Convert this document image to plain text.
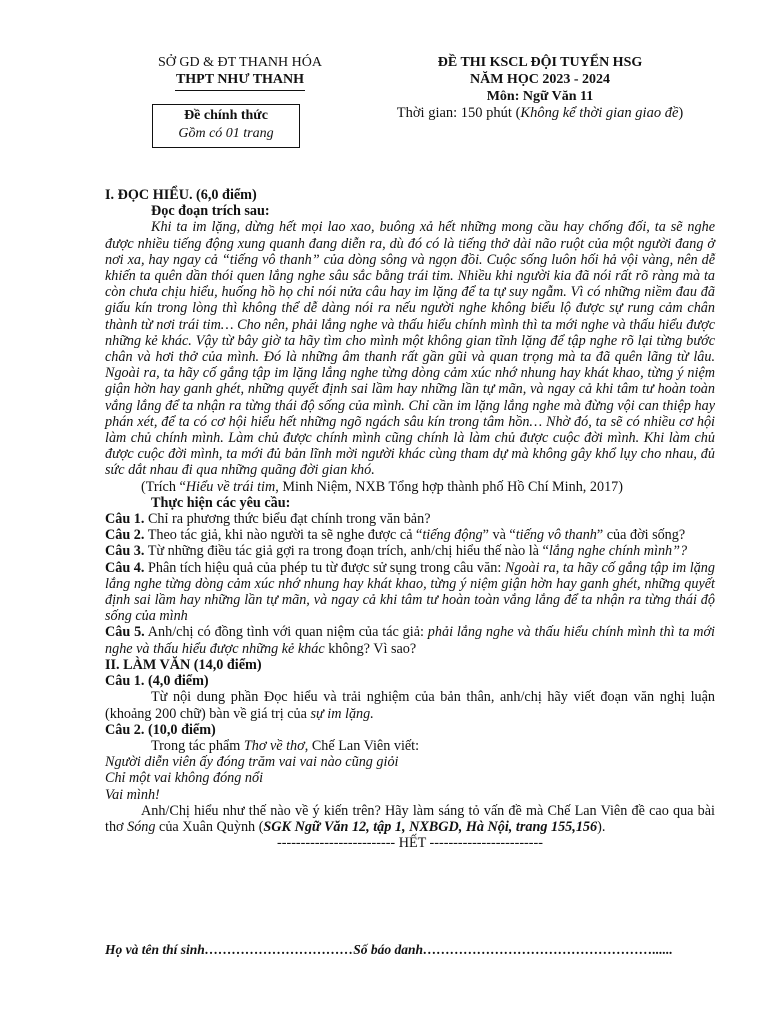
SỞ GD & ĐT THANH HÓA
THPT NHƯ THANH
Đề chính thức
Gồm có 01 trang
ĐỀ THI KSCL ĐỘI TUYỂN HSG
NĂM HỌC 2023 - 2024
Môn: Ngữ Văn 11
Thời gian: 150 phút (Không kể thời gian giao đề)

I. ĐỌC HIỂU. (6,0 điểm)

Đọc đoạn trích sau:

Khi ta im lặng, dừng hết mọi lao xao, buông xả hết những mong cầu hay chống đối, ta sẽ nghe được nhiều tiếng động xung quanh đang diễn ra, dù đó có là tiếng thở dài não ruột của một người đang ở nơi xa, hay ngay cả “tiếng vô thanh” của dòng sông và ngọn đồi. Cuộc sống luôn hối hả vội vàng, nên dễ khiến ta quên dần thói quen lắng nghe sâu sắc bằng trái tim. Nhiều khi người kia đã nói rất rõ ràng mà ta còn chưa chịu hiểu, huống hồ họ chỉ nói nửa câu hay im lặng để ta tự suy ngẫm. Vì có những niềm đau đã giấu kín trong lòng thì không thể dễ dàng nói ra nếu người nghe không biểu lộ được sự rung cảm chân thành từ nơi trái tim… Cho nên, phải lắng nghe và thấu hiểu chính mình thì ta mới nghe và thấu hiểu được những kẻ khác. Vậy từ bây giờ ta hãy tìm cho mình một không gian tĩnh lặng để tập nghe rõ lại từng bước chân và hơi thở của mình. Đó là những âm thanh rất gần gũi và quan trọng mà ta đã quên lãng từ lâu. Ngoài ra, ta hãy cố gắng tập im lặng lắng nghe từng dòng cảm xúc nhớ nhung hay khát khao, từng ý niệm giận hờn hay ganh ghét, những quyết định sai lầm hay những lần tự mãn, và ngay cả khi tâm tư hoàn toàn vắng lắng để ta nhận ra từng thái độ sống của mình. Chỉ cần im lặng lắng nghe mà đừng vội can thiệp hay phán xét, để ta có cơ hội hiểu hết những ngõ ngách sâu kín trong tâm hồn… Nhờ đó, ta sẽ có nhiều cơ hội làm chủ chính mình. Làm chủ được chính mình cũng chính là làm chủ được cuộc đời mình. Khi làm chủ được cuộc đời mình, ta mới đủ bản lĩnh mời người khác cùng tham dự mà không gây khổ lụy cho nhau, đủ sức dắt nhau đi qua những quãng đời gian khó.

(Trích “Hiểu về trái tim, Minh Niệm, NXB Tổng hợp thành phố Hồ Chí Minh, 2017)

Thực hiện các yêu cầu:

Câu 1. Chỉ ra phương thức biểu đạt chính trong văn bản?

Câu 2. Theo tác giả, khi nào người ta sẽ nghe được cả “tiếng động” và “tiếng vô thanh” của đời sống?

Câu 3. Từ những điều tác giả gợi ra trong đoạn trích, anh/chị hiểu thế nào là “lắng nghe chính mình”?

Câu 4. Phân tích hiệu quả của phép tu từ được sử sụng trong câu văn: Ngoài ra, ta hãy cố gắng tập im lặng lắng nghe từng dòng cảm xúc nhớ nhung hay khát khao, từng ý niệm giận hờn hay ganh ghét, những quyết định sai lầm hay những lần tự mãn, và ngay cả khi tâm tư hoàn toàn vắng lắng để ta nhận ra từng thái độ sống của mình

Câu 5. Anh/chị có đồng tình với quan niệm của tác giả: phải lắng nghe và thấu hiểu chính mình thì ta mới nghe và thấu hiểu được những kẻ khác không? Vì sao?

II. LÀM VĂN (14,0 điểm)

Câu 1. (4,0 điểm)

Từ nội dung phần Đọc hiểu và trải nghiệm của bản thân, anh/chị hãy viết đoạn văn nghị luận (khoảng 200 chữ) bàn về giá trị của sự im lặng.

Câu 2. (10,0 điểm)

Trong tác phẩm Thơ về thơ, Chế Lan Viên viết:

Người diễn viên ấy đóng trăm vai vai nào cũng giỏi

Chỉ một vai không đóng nổi

Vai mình!

Anh/Chị hiểu như thế nào về ý kiến trên? Hãy làm sáng tỏ vấn đề mà Chế Lan Viên đề cao qua bài thơ Sóng của Xuân Quỳnh (SGK Ngữ Văn 12, tập 1, NXBGD, Hà Nội, trang 155,156).

------------------------- HẾT ------------------------

Họ và tên thí sinh……………………………Số báo danh……………………………………………......
